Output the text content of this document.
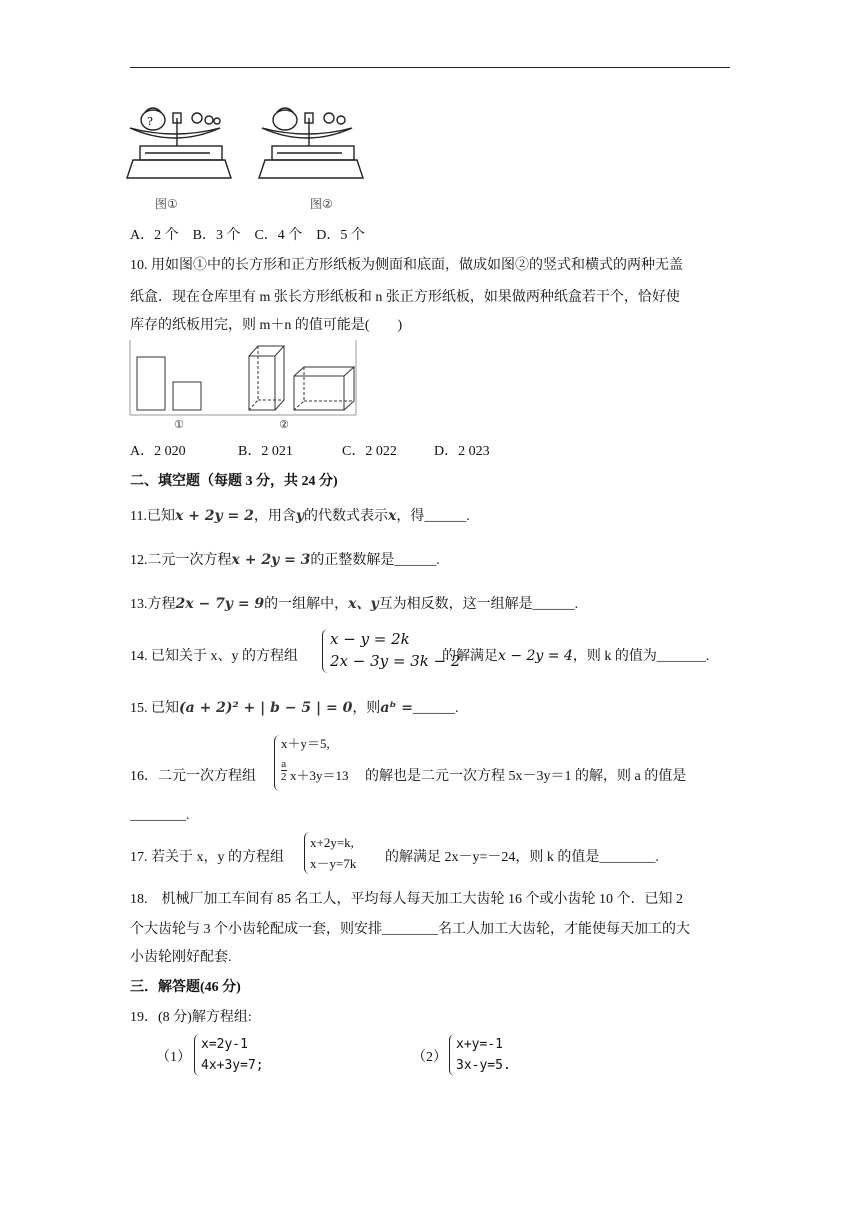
?
图①	图②
A．2 个　B．3 个　C．4 个　D．5 个
10. 用如图①中的长方形和正方形纸板为侧面和底面，做成如图②的竖式和横式的两种无盖
纸盒．现在仓库里有 m 张长方形纸板和 n 张正方形纸板，如果做两种纸盒若干个，恰好使
库存的纸板用完，则 m＋n 的值可能是(　　)
①	②
A．2 020	B．2 021	C．2 022	D．2 023
二、填空题（每题 3 分，共 24 分)
11.已知x + 2y = 2，用含y的代数式表示x，得______.
12.二元一次方程x + 2y = 3的正整数解是______.
13.方程2x − 7y = 9的一组解中，x、y互为相反数，这一组解是______.
14. 已知关于 x、y 的方程组
x − y = 2k
2x − 3y = 3k − 2
的解满足x − 2y = 4，则 k 的值为_______.
15. 已知(a + 2)² + | b − 5 | = 0，则aᵇ =______.
16．二元一次方程组
x＋y＝5,
a
2 x＋3y＝13 的解也是二元一次方程 5x－3y＝1 的解，则 a 的值是
________.
17. 若关于 x，y 的方程组
x+2y=k,
x－y=7k 的解满足 2x－y=－24，则 k 的值是________.
18.　机械厂加工车间有 85 名工人，平均每人每天加工大齿轮 16 个或小齿轮 10 个．已知 2
个大齿轮与 3 个小齿轮配成一套，则安排________名工人加工大齿轮，才能使每天加工的大
小齿轮刚好配套.
三．解答题(46 分)
19．(8 分)解方程组:
（1）
x=2y-1
4x+3y=7;
（2）
x+y=-1
3x-y=5.
